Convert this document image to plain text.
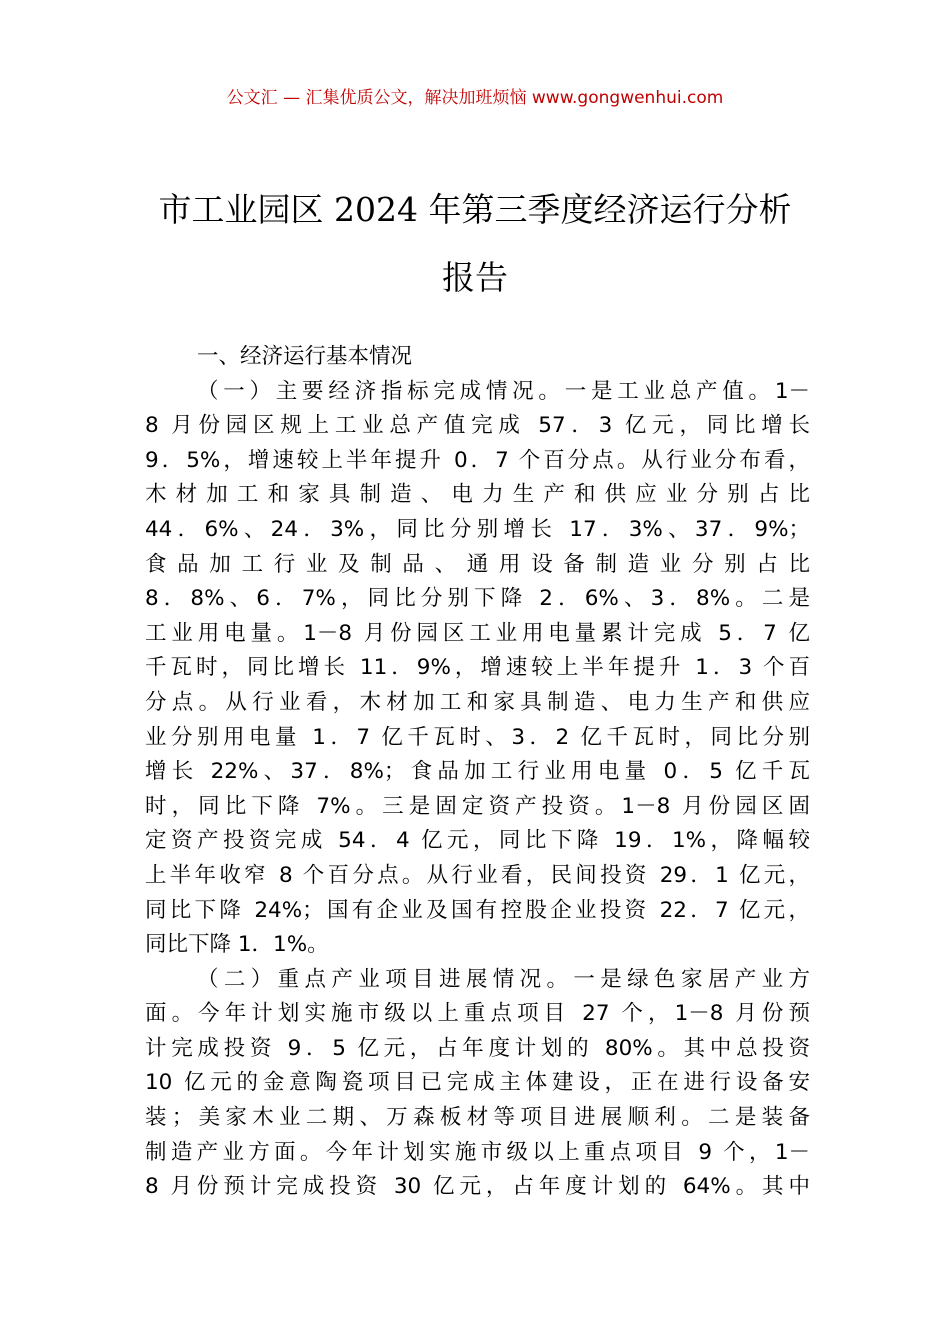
公文汇 — 汇集优质公文，解决加班烦恼 www.gongwenhui.com
市工业园区 2024 年第三季度经济运行分析
报告
一、经济运行基本情况
（一）主要经济指标完成情况。一是工业总产值。1－
8 月份园区规上工业总产值完成 57．3 亿元，同比增长
9．5%，增速较上半年提升 0．7 个百分点。从行业分布看，
木材加工和家具制造、电力生产和供应业分别占比
44．6%、24．3%，同比分别增长 17．3%、37．9%；
食品加工行业及制品、通用设备制造业分别占比
8．8%、6．7%，同比分别下降 2．6%、3．8%。二是
工业用电量。1－8 月份园区工业用电量累计完成 5．7 亿
千瓦时，同比增长 11．9%，增速较上半年提升 1．3 个百
分点。从行业看，木材加工和家具制造、电力生产和供应
业分别用电量 1．7 亿千瓦时、3．2 亿千瓦时，同比分别
增长 22%、37．8%；食品加工行业用电量 0．5 亿千瓦
时，同比下降 7%。三是固定资产投资。1－8 月份园区固
定资产投资完成 54．4 亿元，同比下降 19．1%，降幅较
上半年收窄 8 个百分点。从行业看，民间投资 29．1 亿元，
同比下降 24%；国有企业及国有控股企业投资 22．7 亿元，
同比下降 1．1%。
（二）重点产业项目进展情况。一是绿色家居产业方
面。今年计划实施市级以上重点项目 27 个，1－8 月份预
计完成投资 9．5 亿元，占年度计划的 80%。其中总投资
10 亿元的金意陶瓷项目已完成主体建设，正在进行设备安
装；美家木业二期、万森板材等项目进展顺利。二是装备
制造产业方面。今年计划实施市级以上重点项目 9 个，1－
8 月份预计完成投资 30 亿元，占年度计划的 64%。其中
